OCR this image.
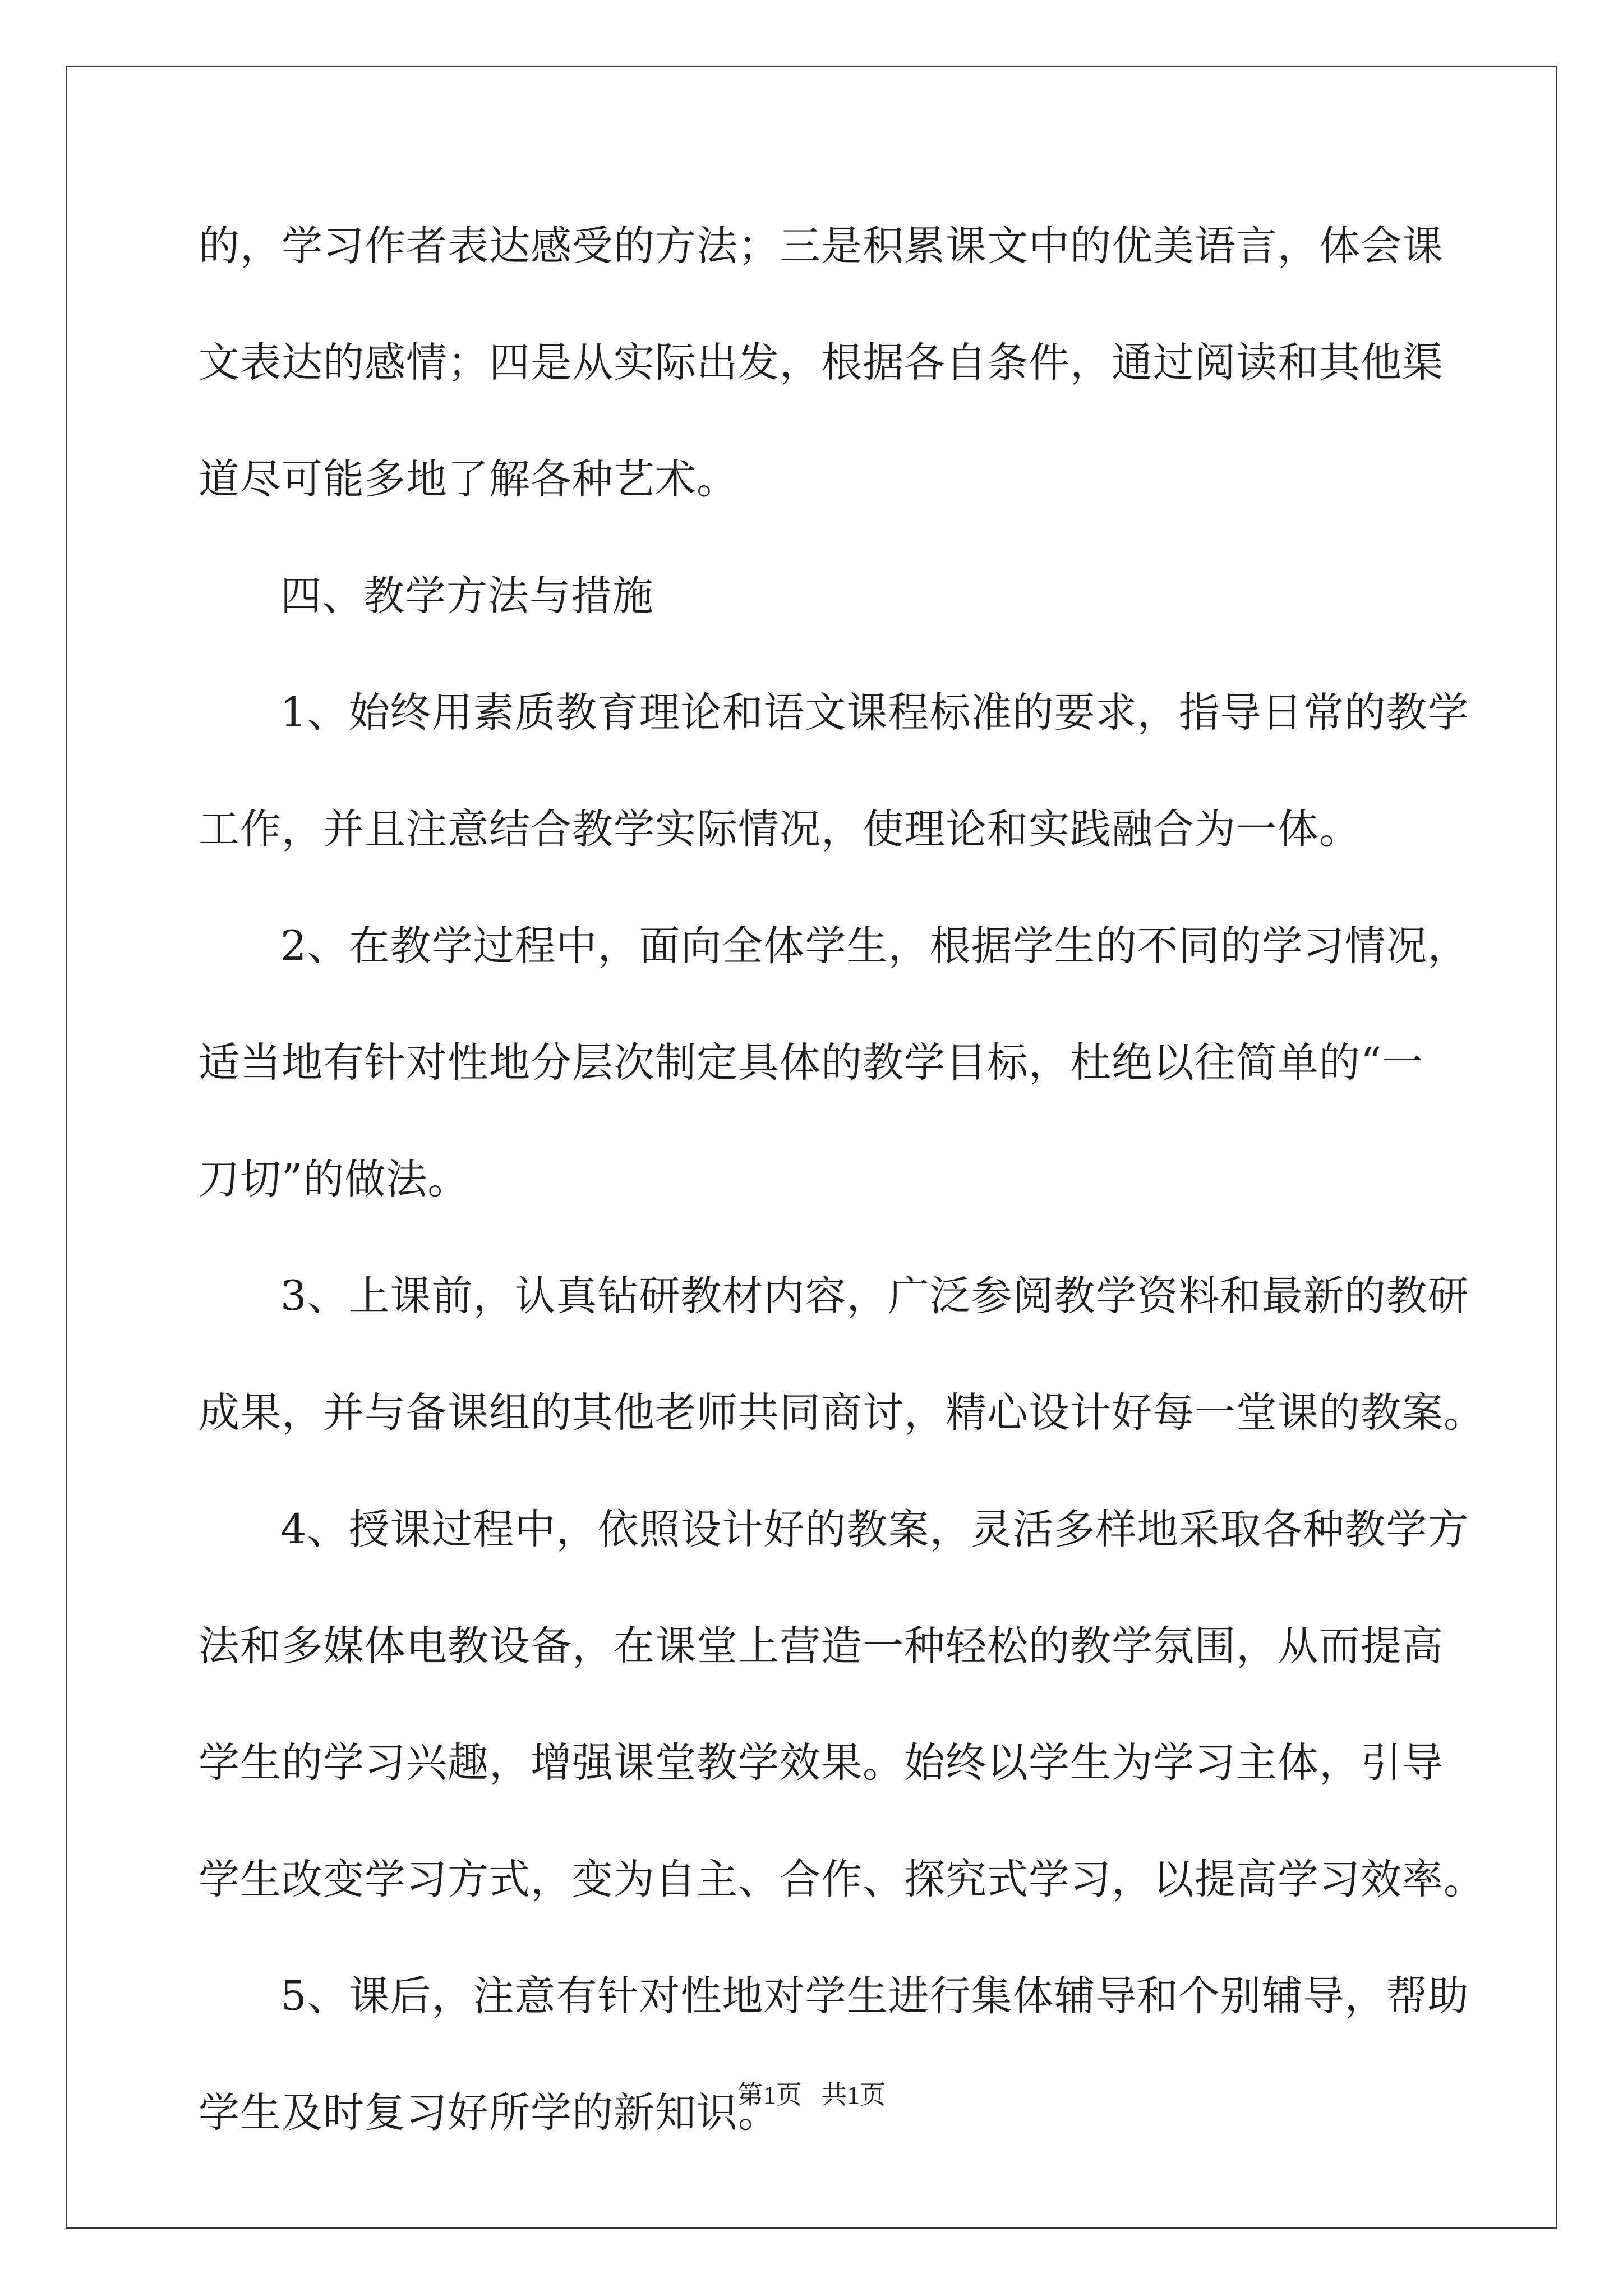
的，学习作者表达感受的方法；三是积累课文中的优美语言，体会课
文表达的感情；四是从实际出发，根据各自条件，通过阅读和其他渠
道尽可能多地了解各种艺术。
四、教学方法与措施
1、始终用素质教育理论和语文课程标准的要求，指导日常的教学
工作，并且注意结合教学实际情况，使理论和实践融合为一体。
2、在教学过程中，面向全体学生，根据学生的不同的学习情况，
适当地有针对性地分层次制定具体的教学目标，杜绝以往简单的“一
刀切”的做法。
3、上课前，认真钻研教材内容，广泛参阅教学资料和最新的教研
成果，并与备课组的其他老师共同商讨，精心设计好每一堂课的教案。
4、授课过程中，依照设计好的教案，灵活多样地采取各种教学方
法和多媒体电教设备，在课堂上营造一种轻松的教学氛围，从而提高
学生的学习兴趣，增强课堂教学效果。始终以学生为学习主体，引导
学生改变学习方式，变为自主、合作、探究式学习，以提高学习效率。
5、课后，注意有针对性地对学生进行集体辅导和个别辅导，帮助
学生及时复习好所学的新知识。
第1页   共1页
